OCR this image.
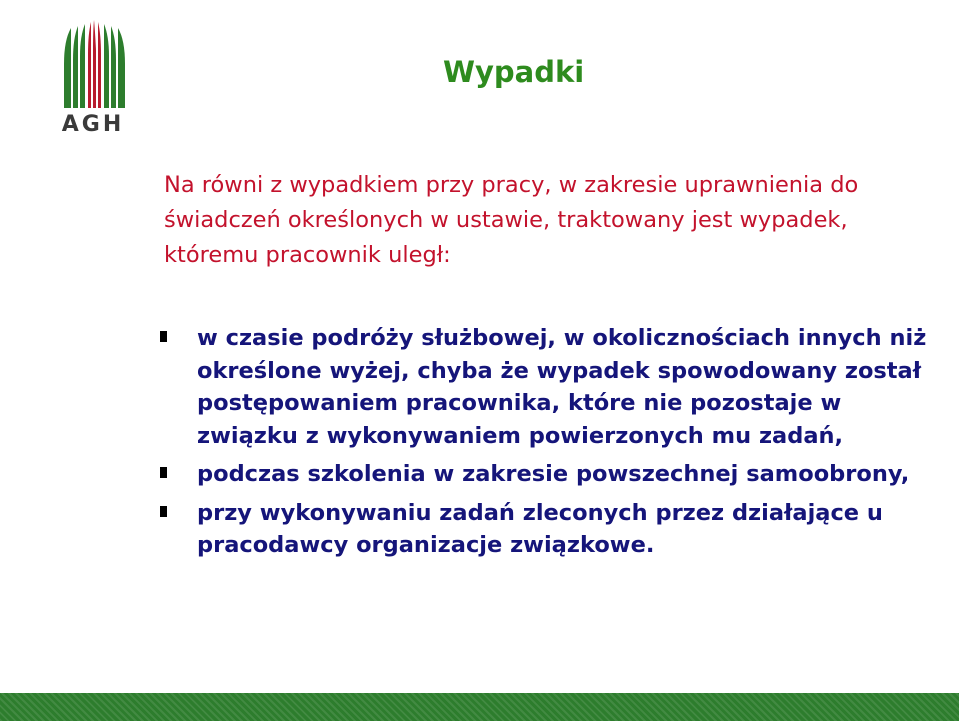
AGH
Wypadki

Na równi z wypadkiem przy pracy, w zakresie uprawnienia do świadczeń określonych w ustawie, traktowany jest wypadek, któremu pracownik uległ:

w czasie podróży służbowej, w okolicznościach innych niż określone wyżej, chyba że wypadek spowodowany został postępowaniem pracownika, które nie pozostaje w związku z wykonywaniem powierzonych mu zadań,
podczas szkolenia w zakresie powszechnej samoobrony,
przy wykonywaniu zadań zleconych przez działające u pracodawcy organizacje związkowe.
